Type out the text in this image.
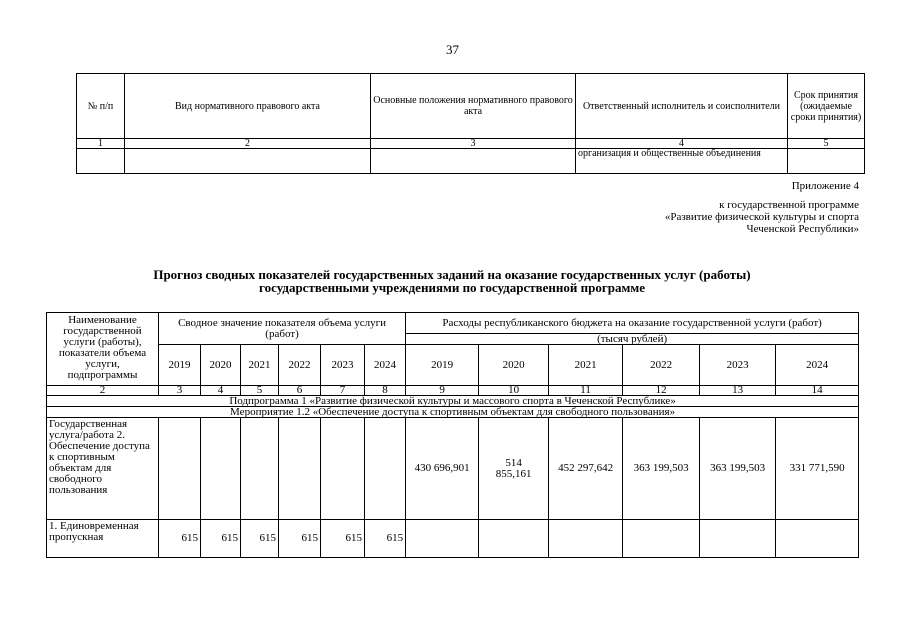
37
№ п/п	Вид нормативного правового акта	Основные положения нормативного правового акта	Ответственный исполнитель и соисполнители	Срок принятия (ожидаемые сроки принятия)
1	2	3	4	5
			организация и общественные объединения	
Приложение 4
к государственной программе
«Развитие физической культуры и спорта
Чеченской Республики»
Прогноз сводных показателей государственных заданий на оказание государственных услуг (работы)
государственными учреждениями по государственной программе
Наименование государственной услуги (работы), показатели объема услуги, подпрограммы	Сводное значение показателя объема услуги (работ)						Расходы республиканского бюджета на оказание государственной услуги (работ)					
							(тысяч рублей)					
	2019	2020	2021	2022	2023	2024	2019	2020	2021	2022	2023	2024
2	3	4	5	6	7	8	9	10	11	12	13	14
Подпрограмма 1 «Развитие физической культуры и массового спорта в Чеченской Республике»												
Мероприятие 1.2 «Обеспечение доступа к спортивным объектам для свободного пользования»												
Государственная услуга/работа 2. Обеспечение доступа к спортивным объектам для свободного пользования							430 696,901	514 855,161	452 297,642	363 199,503	363 199,503	331 771,590
1. Единовременная пропускная	615	615	615	615	615	615						
